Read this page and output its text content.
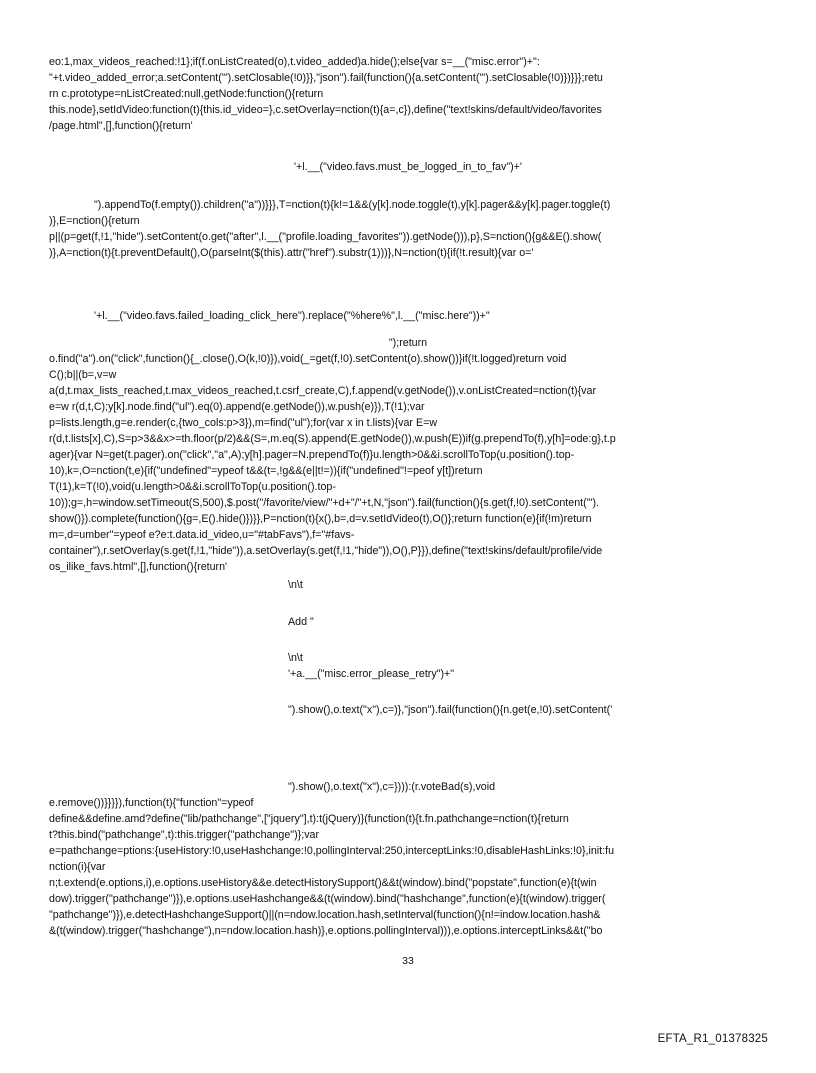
eo:1,max_videos_reached:!1};if(f.onListCreated(o),t.video_added)a.hide();else{var s=__("misc.error")+":

"+t.video_added_error;a.setContent('").setClosable(!0)}},"json").fail(function(){a.setContent('").setClosable(!0)})}}};retu

rn c.prototype=nListCreated:null,getNode:function(){return

this.node},setIdVideo:function(t){this.id_video=},c.setOverlay=nction(t){a=,c}),define("text!skins/default/video/favorites

/page.html",[],function(){return'

'+l.__("video.favs.must_be_logged_in_to_fav")+'

").appendTo(f.empty()).children("a"))}}},T=nction(t){k!=1&&(y[k].node.toggle(t),y[k].pager&&y[k].pager.toggle(t)

)},E=nction(){return

p||(p=get(f,!1,"hide").setContent(o.get("after",l.__("profile.loading_favorites")).getNode())),p},S=nction(){g&&E().show(

)},A=nction(t){t.preventDefault(),O(parseInt($(this).attr("href").substr(1)))},N=nction(t){if(!t.result){var o='

'+l.__("video.favs.failed_loading_click_here").replace("%here%",l.__("misc.here"))+"

");return

o.find("a").on("click",function(){_.close(),O(k,!0)}),void(_=get(f,!0).setContent(o).show())}if(!t.logged)return void

C();b||(b=,v=w

a(d,t.max_lists_reached,t.max_videos_reached,t.csrf_create,C),f.append(v.getNode()),v.onListCreated=nction(t){var

e=w r(d,t,C);y[k].node.find("ul").eq(0).append(e.getNode()),w.push(e)}),T(!1);var

p=lists.length,g=e.render(c,{two_cols:p>3}),m=find("ul");for(var x in t.lists){var E=w

r(d,t.lists[x],C),S=p>3&&x>=th.floor(p/2)&&(S=,m.eq(S).append(E.getNode()),w.push(E))if(g.prependTo(f),y[h]=ode:g},t.p

ager){var N=get(t.pager).on("click","a",A);y[h].pager=N.prependTo(f)}u.length>0&&i.scrollToTop(u.position().top-

10),k=,O=nction(t,e){if("undefined"=ypeof t&&(t=,!g&&(e||t!=)){if("undefined"!=peof y[t])return

T(!1),k=T(!0),void(u.length>0&&i.scrollToTop(u.position().top-

10));g=,h=window.setTimeout(S,500),$.post("/favorite/view/"+d+"/"+t,N,"json").fail(function(){s.get(f,!0).setContent('").

show()}).complete(function(){g=,E().hide()})}},P=nction(t){x(),b=,d=v.setIdVideo(t),O()};return function(e){if(!m)return

m=,d=umber"=ypeof e?e:t.data.id_video,u="#tabFavs"),f="#favs-

container"),r.setOverlay(s.get(f,!1,"hide")),a.setOverlay(s.get(f,!1,"hide")),O(),P}}),define("text!skins/default/profile/vide

os_ilike_favs.html",[],function(){return'

\n\t

Add "

\n\t

'+a.__("misc.error_please_retry")+"

").show(),o.text("x"),c=)},"json").fail(function(){n.get(e,!0).setContent('

").show(),o.text("x"),c=}))):(r.voteBad(s),void

e.remove())}}}}),function(t){"function"=ypeof

define&&define.amd?define("lib/pathchange",["jquery"],t):t(jQuery)}(function(t){t.fn.pathchange=nction(t){return

t?this.bind("pathchange",t):this.trigger("pathchange")};var

e=pathchange=ptions:{useHistory:!0,useHashchange:!0,pollingInterval:250,interceptLinks:!0,disableHashLinks:!0},init:fu

nction(i){var

n;t.extend(e.options,i),e.options.useHistory&&e.detectHistorySupport()&&t(window).bind("popstate",function(e){t(win

dow).trigger("pathchange")}),e.options.useHashchange&&(t(window).bind("hashchange",function(e){t(window).trigger(

"pathchange")}),e.detectHashchangeSupport()||(n=ndow.location.hash,setInterval(function(){n!=indow.location.hash&

&(t(window).trigger("hashchange"),n=ndow.location.hash)},e.options.pollingInterval))),e.options.interceptLinks&&t("bo

33
EFTA_R1_01378325
